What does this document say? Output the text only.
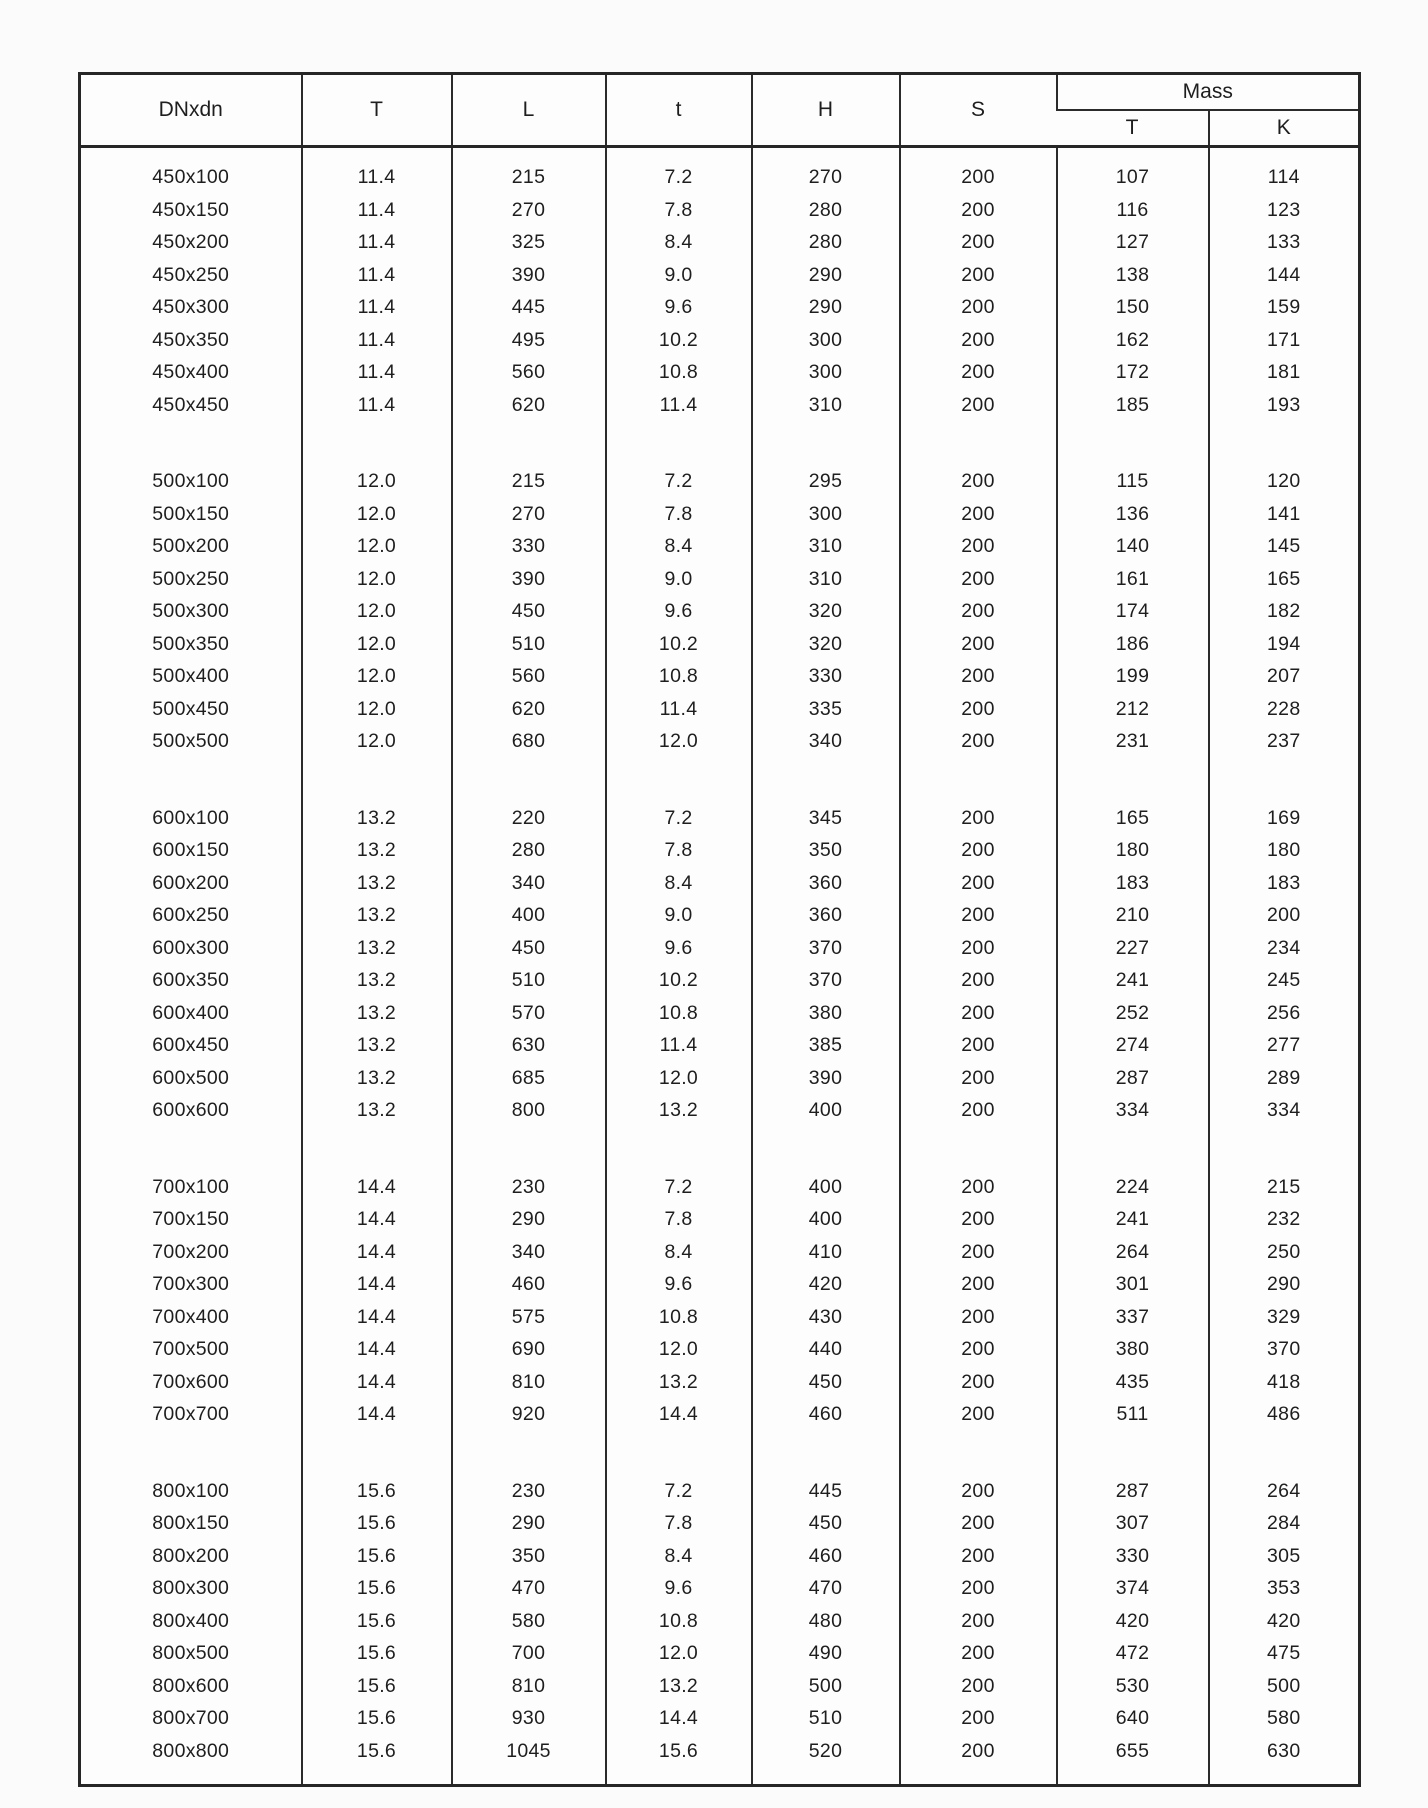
DNxdn	T	L	t	H	S	Mass	
						T	K
450x100	11.4	215	7.2	270	200	107	114
450x150	11.4	270	7.8	280	200	116	123
450x200	11.4	325	8.4	280	200	127	133
450x250	11.4	390	9.0	290	200	138	144
450x300	11.4	445	9.6	290	200	150	159
450x350	11.4	495	10.2	300	200	162	171
450x400	11.4	560	10.8	300	200	172	181
450x450	11.4	620	11.4	310	200	185	193

500x100	12.0	215	7.2	295	200	115	120
500x150	12.0	270	7.8	300	200	136	141
500x200	12.0	330	8.4	310	200	140	145
500x250	12.0	390	9.0	310	200	161	165
500x300	12.0	450	9.6	320	200	174	182
500x350	12.0	510	10.2	320	200	186	194
500x400	12.0	560	10.8	330	200	199	207
500x450	12.0	620	11.4	335	200	212	228
500x500	12.0	680	12.0	340	200	231	237

600x100	13.2	220	7.2	345	200	165	169
600x150	13.2	280	7.8	350	200	180	180
600x200	13.2	340	8.4	360	200	183	183
600x250	13.2	400	9.0	360	200	210	200
600x300	13.2	450	9.6	370	200	227	234
600x350	13.2	510	10.2	370	200	241	245
600x400	13.2	570	10.8	380	200	252	256
600x450	13.2	630	11.4	385	200	274	277
600x500	13.2	685	12.0	390	200	287	289
600x600	13.2	800	13.2	400	200	334	334

700x100	14.4	230	7.2	400	200	224	215
700x150	14.4	290	7.8	400	200	241	232
700x200	14.4	340	8.4	410	200	264	250
700x300	14.4	460	9.6	420	200	301	290
700x400	14.4	575	10.8	430	200	337	329
700x500	14.4	690	12.0	440	200	380	370
700x600	14.4	810	13.2	450	200	435	418
700x700	14.4	920	14.4	460	200	511	486

800x100	15.6	230	7.2	445	200	287	264
800x150	15.6	290	7.8	450	200	307	284
800x200	15.6	350	8.4	460	200	330	305
800x300	15.6	470	9.6	470	200	374	353
800x400	15.6	580	10.8	480	200	420	420
800x500	15.6	700	12.0	490	200	472	475
800x600	15.6	810	13.2	500	200	530	500
800x700	15.6	930	14.4	510	200	640	580
800x800	15.6	1045	15.6	520	200	655	630
